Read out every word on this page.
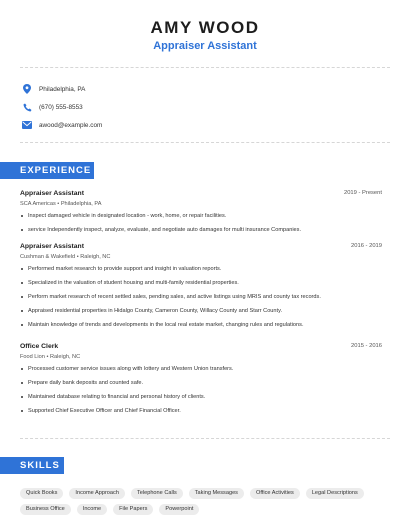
AMY WOOD
Appraiser Assistant
Philadelphia, PA
(670) 555-8553
awood@example.com
EXPERIENCE
Appraiser Assistant	2019 - Present
SCA Americas • Philadelphia, PA
Inspect damaged vehicle in designated location - work, home, or repair facilities.
service Independently inspect, analyze, evaluate, and negotiate auto damages for multi insurance Companies.
Appraiser Assistant	2016 - 2019
Cushman & Wakefield • Raleigh, NC
Performed market research to provide support and insight in valuation reports.
Specialized in the valuation of student housing and multi-family residential properties.
Perform market research of recent settled sales, pending sales, and active listings using MRIS and county tax records.
Appraised residential properties in Hidalgo County, Cameron County, Willacy County and Starr County.
Maintain knowledge of trends and developments in the local real estate market, changing rules and regulations.
Office Clerk	2015 - 2016
Food Lion • Raleigh, NC
Processed customer service issues along with lottery and Western Union transfers.
Prepare daily bank deposits and counted safe.
Maintained database relating to financial and personal history of clients.
Supported Chief Executive Officer and Chief Financial Officer.
SKILLS
Quick Books	Income Approach	Telephone Calls	Taking Messages	Office Activities	Legal Descriptions
Business Office	Income	File Papers	Powerpoint
